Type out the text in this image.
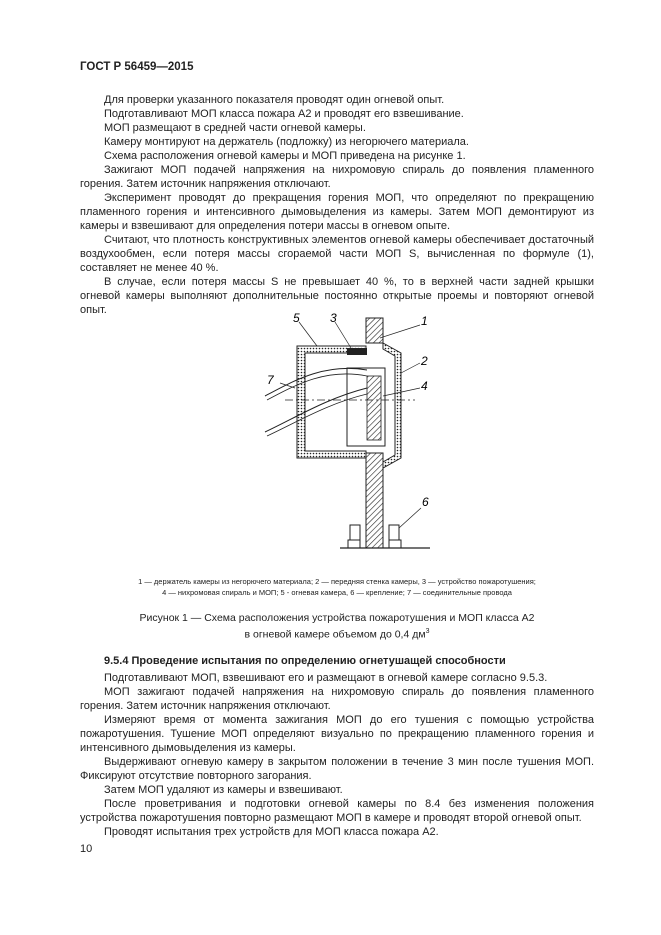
ГОСТ Р 56459—2015

Для проверки указанного показателя проводят один огневой опыт.

Подготавливают МОП класса пожара А2 и проводят его взвешивание.

МОП размещают в средней части огневой камеры.

Камеру монтируют на держатель (подложку) из негорючего материала.

Схема расположения огневой камеры и МОП приведена на рисунке 1.

Зажигают МОП подачей напряжения на нихромовую спираль до появления пламенного горения. Затем источник напряжения отключают.

Эксперимент проводят до прекращения горения МОП, что определяют по прекращению пламенного горения и интенсивного дымовыделения из камеры. Затем МОП демонтируют из камеры и взвешивают для определения потери массы в огневом опыте.

Считают, что плотность конструктивных элементов огневой камеры обеспечивает достаточный воздухообмен, если потеря массы сгораемой части МОП S, вычисленная по формуле (1), составляет не менее 40 %.

В случае, если потеря массы S не превышает 40 %, то в верхней части задней крышки огневой камеры выполняют дополнительные постоянно открытые проемы и повторяют огневой опыт.

5	3	1
2
4
6
7

1 — держатель камеры из негорючего материала; 2 — передняя стенка камеры, 3 — устройство пожаротушения;
4 — нихромовая спираль и МОП; 5 - огневая камера, 6 — крепление; 7 — соединительные провода

Рисунок 1 — Схема расположения устройства пожаротушения и МОП класса А2
в огневой камере объемом до 0,4 $дм^3$

9.5.4 Проведение испытания по определению огнетушащей способности

Подготавливают МОП, взвешивают его и размещают в огневой камере согласно 9.5.3.

МОП зажигают подачей напряжения на нихромовую спираль до появления пламенного горения. Затем источник напряжения отключают.

Измеряют время от момента зажигания МОП до его тушения с помощью устройства пожаротушения. Тушение МОП определяют визуально по прекращению пламенного горения и интенсивного дымовыделения из камеры.

Выдерживают огневую камеру в закрытом положении в течение 3 мин после тушения МОП. Фиксируют отсутствие повторного загорания.

Затем МОП удаляют из камеры и взвешивают.

После проветривания и подготовки огневой камеры по 8.4 без изменения положения устройства пожаротушения повторно размещают МОП в камере и проводят второй огневой опыт.

Проводят испытания трех устройств для МОП класса пожара А2.

10
